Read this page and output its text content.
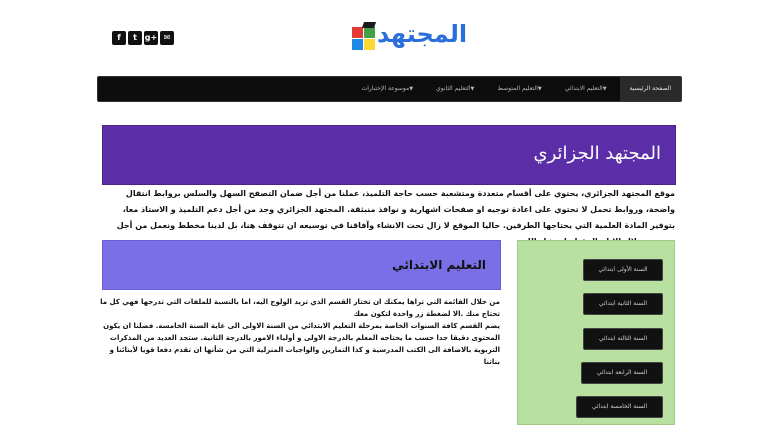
f	t g+ ✉	المجتهد
الصفحة الرئيسية
التعليم الابتدائي▼
التعليم المتوسط▼
التعليم الثانوي▼
موسوعة الإختبارات▼
المجتهد الجزائري
موقع المجتهد الجزائري، يحتوي على أقسام متعددة ومتشعبة حسب حاجة التلميذ، عملنا من أجل ضمان التصفح السهل والسلس بروابط انتقال واضحة، وروابط تحمل لا تحتوي على اعادة توجيه او صفحات اشهارية و نوافذ منبثقة. المجتهد الجزائري وجد من أجل دعم التلميذ و الاستاذ معا، بتوفير المادة العلمية التي يحتاجها الطرفين. حاليا الموقع لا زال تحت الانشاء وآفاقنا في توسيعه ان تتوقف هنا، بل لدينا مخطط ونعمل من أجل
التعليم الابتدائي
من خلال القائمة التي تراها يمكنك ان تختار القسم الذي تريد الولوج اليه، اما بالنسبة للملفات التي تدرجها فهي كل ما تحتاج منك .الا لضغطة زر واحدة لتكون معك
يضم القسم كافة السنوات الخاصة بمرحلة التعليم الابتدائي من السنة الاولى الى غاية السنة الخامسة. فضلنا ان يكون المحتوى دقيقا جدا حسب ما يحتاجه المعلم بالدرجة الاولى و أولياء الامور بالدرجة الثانية. ستجد العديد من المذكرات التربوية بالاضافة الى الكتب المدرسية و كذا التمارين والواجبات المنزلية التي من شأنها ان تقدم دفعا قويا لأبنائنا و بناتنا
السنة الأولى ابتدائي
السنة الثانية ابتدائي
السنة الثالثة ابتدائي
السنة الرابعة ابتدائي
السنة الخامسة ابتدائي
